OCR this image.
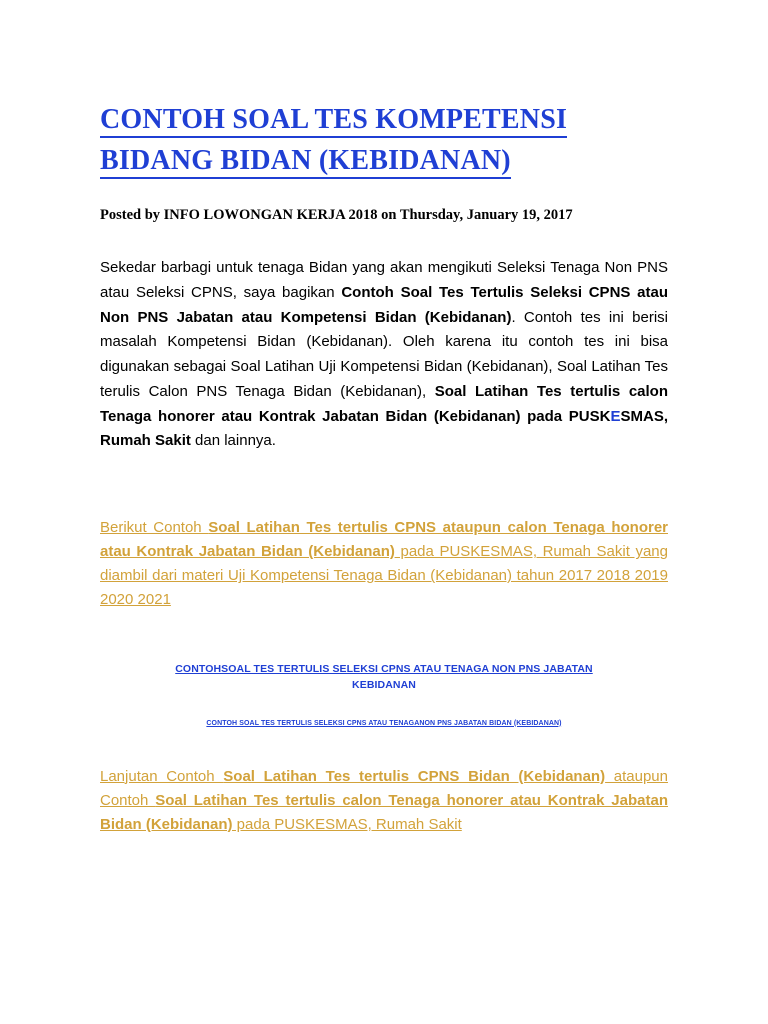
CONTOH SOAL TES KOMPETENSI
BIDANG BIDAN (KEBIDANAN)
Posted by INFO LOWONGAN KERJA 2018 on Thursday, January 19, 2017

Sekedar barbagi untuk tenaga Bidan yang akan mengikuti Seleksi Tenaga Non PNS atau Seleksi CPNS, saya bagikan Contoh Soal Tes Tertulis Seleksi CPNS atau Non PNS Jabatan atau Kompetensi Bidan (Kebidanan). Contoh tes ini berisi masalah Kompetensi Bidan (Kebidanan). Oleh karena itu contoh tes ini bisa digunakan sebagai Soal Latihan Uji Kompetensi Bidan (Kebidanan), Soal Latihan Tes terulis Calon PNS Tenaga Bidan (Kebidanan), Soal Latihan Tes tertulis calon Tenaga honorer atau Kontrak Jabatan Bidan (Kebidanan) pada PUSKESMAS, Rumah Sakit dan lainnya.

Berikut Contoh Soal Latihan Tes tertulis CPNS ataupun calon Tenaga honorer atau Kontrak Jabatan Bidan (Kebidanan) pada PUSKESMAS, Rumah Sakit yang diambil dari materi Uji Kompetensi Tenaga Bidan (Kebidanan) tahun 2017 2018 2019 2020 2021

CONTOHSOAL TES TERTULIS SELEKSI CPNS ATAU TENAGA NON PNS JABATAN
KEBIDANAN
CONTOH SOAL TES TERTULIS SELEKSI CPNS ATAU TENAGANON PNS JABATAN BIDAN (KEBIDANAN)

Lanjutan Contoh Soal Latihan Tes tertulis CPNS Bidan (Kebidanan) ataupun Contoh Soal Latihan Tes tertulis calon Tenaga honorer atau Kontrak Jabatan Bidan (Kebidanan) pada PUSKESMAS, Rumah Sakit
